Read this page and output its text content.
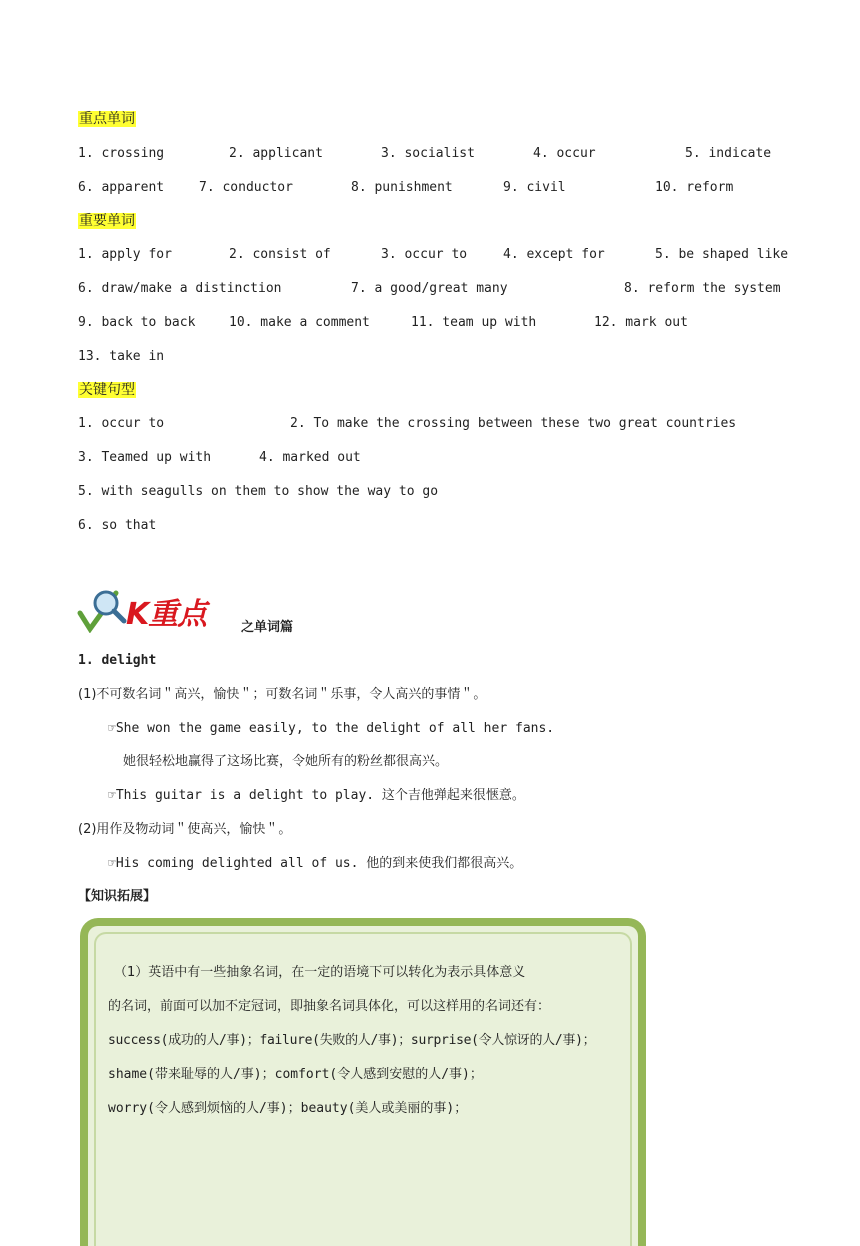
重点单词
1. crossing	2. applicant	3. socialist	4. occur	5. indicate
6. apparent	7. conductor	8. punishment	9. civil	10. reform
重要单词
1. apply for	2. consist of	3. occur to	4. except for	5. be shaped like
6. draw/make a distinction	7. a good/great many	8. reform the system
9. back to back	10. make a comment	11. team up with	12. mark out
13. take in
关键句型
1. occur to	2. To make the crossing between these two great countries
3. Teamed up with	4. marked out
5. with seagulls on them to show the way to go
6. so that
K重点	之单词篇
1. delight
(1)不可数名词＂高兴，愉快＂；可数名词＂乐事，令人高兴的事情＂。
☞She won the game easily, to the delight of all her fans.
她很轻松地赢得了这场比赛，令她所有的粉丝都很高兴。
☞This guitar is a delight to play. 这个吉他弹起来很惬意。
(2)用作及物动词＂使高兴，愉快＂。
☞His coming delighted all of us. 他的到来使我们都很高兴。
【知识拓展】
（1）英语中有一些抽象名词，在一定的语境下可以转化为表示具体意义
的名词，前面可以加不定冠词，即抽象名词具体化，可以这样用的名词还有：
success(成功的人/事)；failure(失败的人/事)；surprise(令人惊讶的人/事)；
shame(带来耻辱的人/事)；comfort(令人感到安慰的人/事)；
worry(令人感到烦恼的人/事)；beauty(美人或美丽的事)；
